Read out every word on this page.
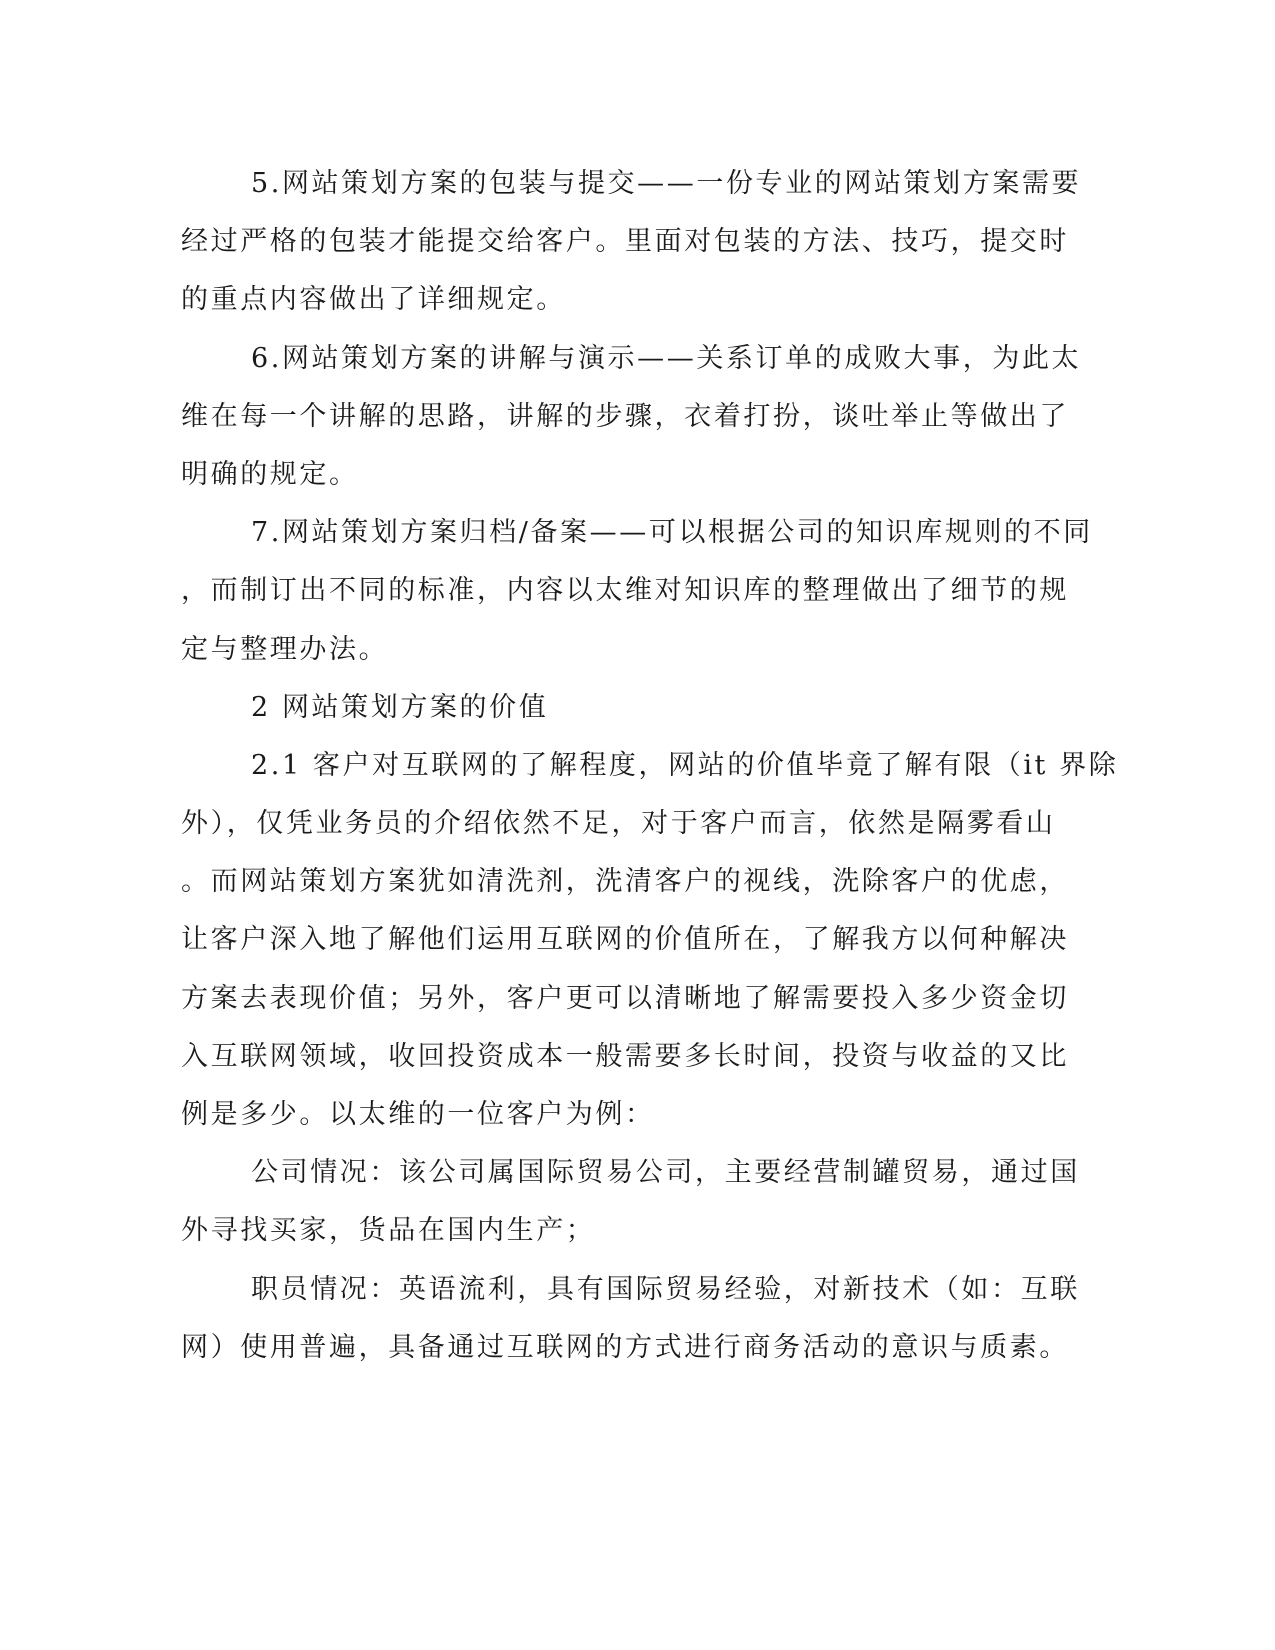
5.网站策划方案的包装与提交——一份专业的网站策划方案需要
经过严格的包装才能提交给客户。里面对包装的方法、技巧，提交时
的重点内容做出了详细规定。
6.网站策划方案的讲解与演示——关系订单的成败大事，为此太
维在每一个讲解的思路，讲解的步骤，衣着打扮，谈吐举止等做出了
明确的规定。
7.网站策划方案归档/备案——可以根据公司的知识库规则的不同
，而制订出不同的标准，内容以太维对知识库的整理做出了细节的规
定与整理办法。
2 网站策划方案的价值
2.1 客户对互联网的了解程度，网站的价值毕竟了解有限（it 界除
外），仅凭业务员的介绍依然不足，对于客户而言，依然是隔雾看山
。而网站策划方案犹如清洗剂，洗清客户的视线，洗除客户的优虑，
让客户深入地了解他们运用互联网的价值所在，了解我方以何种解决
方案去表现价值；另外，客户更可以清晰地了解需要投入多少资金切
入互联网领域，收回投资成本一般需要多长时间，投资与收益的又比
例是多少。以太维的一位客户为例：
公司情况：该公司属国际贸易公司，主要经营制罐贸易，通过国
外寻找买家，货品在国内生产；
职员情况：英语流利，具有国际贸易经验，对新技术（如：互联
网）使用普遍，具备通过互联网的方式进行商务活动的意识与质素。
